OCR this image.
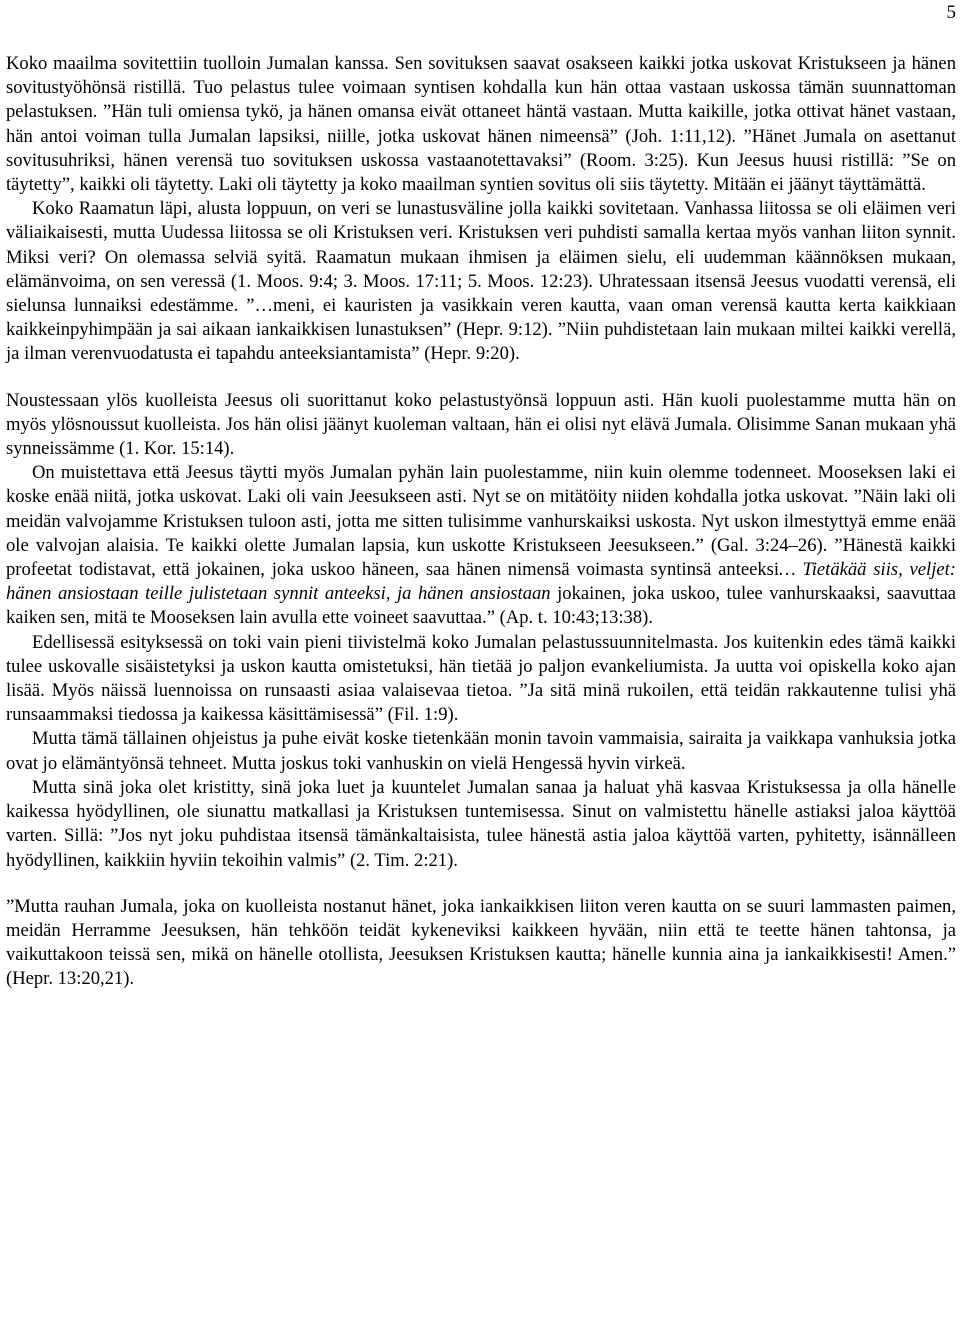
5

Koko maailma sovitettiin tuolloin Jumalan kanssa. Sen sovituksen saavat osakseen kaikki jotka uskovat Kristukseen ja hänen sovitustyöhönsä ristillä. Tuo pelastus tulee voimaan syntisen kohdalla kun hän ottaa vastaan uskossa tämän suunnattoman pelastuksen. ”Hän tuli omiensa tykö, ja hänen omansa eivät ottaneet häntä vastaan. Mutta kaikille, jotka ottivat hänet vastaan, hän antoi voiman tulla Jumalan lapsiksi, niille, jotka uskovat hänen nimeensä” (Joh. 1:11,12). ”Hänet Jumala on asettanut sovitusuhriksi, hänen verensä tuo sovituksen uskossa vastaanotettavaksi” (Room. 3:25). Kun Jeesus huusi ristillä: ”Se on täytetty”, kaikki oli täytetty. Laki oli täytetty ja koko maailman syntien sovitus oli siis täytetty. Mitään ei jäänyt täyttämättä.

Koko Raamatun läpi, alusta loppuun, on veri se lunastusväline jolla kaikki sovitetaan. Vanhassa liitossa se oli eläimen veri väliaikaisesti, mutta Uudessa liitossa se oli Kristuksen veri. Kristuksen veri puhdisti samalla kertaa myös vanhan liiton synnit. Miksi veri? On olemassa selviä syitä. Raamatun mukaan ihmisen ja eläimen sielu, eli uudemman käännöksen mukaan, elämänvoima, on sen veressä (1. Moos. 9:4; 3. Moos. 17:11; 5. Moos. 12:23). Uhratessaan itsensä Jeesus vuodatti verensä, eli sielunsa lunnaiksi edestämme. ”…meni, ei kauristen ja vasikkain veren kautta, vaan oman verensä kautta kerta kaikkiaan kaikkeinpyhimpään ja sai aikaan iankaikkisen lunastuksen” (Hepr. 9:12). ”Niin puhdistetaan lain mukaan miltei kaikki verellä, ja ilman verenvuodatusta ei tapahdu anteeksiantamista” (Hepr. 9:20).

Noustessaan ylös kuolleista Jeesus oli suorittanut koko pelastustyönsä loppuun asti. Hän kuoli puolestamme mutta hän on myös ylösnoussut kuolleista. Jos hän olisi jäänyt kuoleman valtaan, hän ei olisi nyt elävä Jumala. Olisimme Sanan mukaan yhä synneissämme (1. Kor. 15:14).

On muistettava että Jeesus täytti myös Jumalan pyhän lain puolestamme, niin kuin olemme todenneet. Mooseksen laki ei koske enää niitä, jotka uskovat. Laki oli vain Jeesukseen asti. Nyt se on mitätöity niiden kohdalla jotka uskovat. ”Näin laki oli meidän valvojamme Kristuksen tuloon asti, jotta me sitten tulisimme vanhurskaiksi uskosta. Nyt uskon ilmestyttyä emme enää ole valvojan alaisia. Te kaikki olette Jumalan lapsia, kun uskotte Kristukseen Jeesukseen.” (Gal. 3:24–26). ”Hänestä kaikki profeetat todistavat, että jokainen, joka uskoo häneen, saa hänen nimensä voimasta syntinsä anteeksi… Tietäkää siis, veljet: hänen ansiostaan teille julistetaan synnit anteeksi, ja hänen ansiostaan jokainen, joka uskoo, tulee vanhurskaaksi, saavuttaa kaiken sen, mitä te Mooseksen lain avulla ette voineet saavuttaa.” (Ap. t. 10:43;13:38).

Edellisessä esityksessä on toki vain pieni tiivistelmä koko Jumalan pelastussuunnitelmasta. Jos kuitenkin edes tämä kaikki tulee uskovalle sisäistetyksi ja uskon kautta omistetuksi, hän tietää jo paljon evankeliumista. Ja uutta voi opiskella koko ajan lisää. Myös näissä luennoissa on runsaasti asiaa valaisevaa tietoa. ”Ja sitä minä rukoilen, että teidän rakkautenne tulisi yhä runsaammaksi tiedossa ja kaikessa käsittämisessä” (Fil. 1:9).

Mutta tämä tällainen ohjeistus ja puhe eivät koske tietenkään monin tavoin vammaisia, sairaita ja vaikkapa vanhuksia jotka ovat jo elämäntyönsä tehneet. Mutta joskus toki vanhuskin on vielä Hengessä hyvin virkeä.

Mutta sinä joka olet kristitty, sinä joka luet ja kuuntelet Jumalan sanaa ja haluat yhä kasvaa Kristuksessa ja olla hänelle kaikessa hyödyllinen, ole siunattu matkallasi ja Kristuksen tuntemisessa. Sinut on valmistettu hänelle astiaksi jaloa käyttöä varten. Sillä: ”Jos nyt joku puhdistaa itsensä tämänkaltaisista, tulee hänestä astia jaloa käyttöä varten, pyhitetty, isännälleen hyödyllinen, kaikkiin hyviin tekoihin valmis” (2. Tim. 2:21).

”Mutta rauhan Jumala, joka on kuolleista nostanut hänet, joka iankaikkisen liiton veren kautta on se suuri lammasten paimen, meidän Herramme Jeesuksen, hän tehköön teidät kykeneviksi kaikkeen hyvään, niin että te teette hänen tahtonsa, ja vaikuttakoon teissä sen, mikä on hänelle otollista, Jeesuksen Kristuksen kautta; hänelle kunnia aina ja iankaikkisesti! Amen.” (Hepr. 13:20,21).
